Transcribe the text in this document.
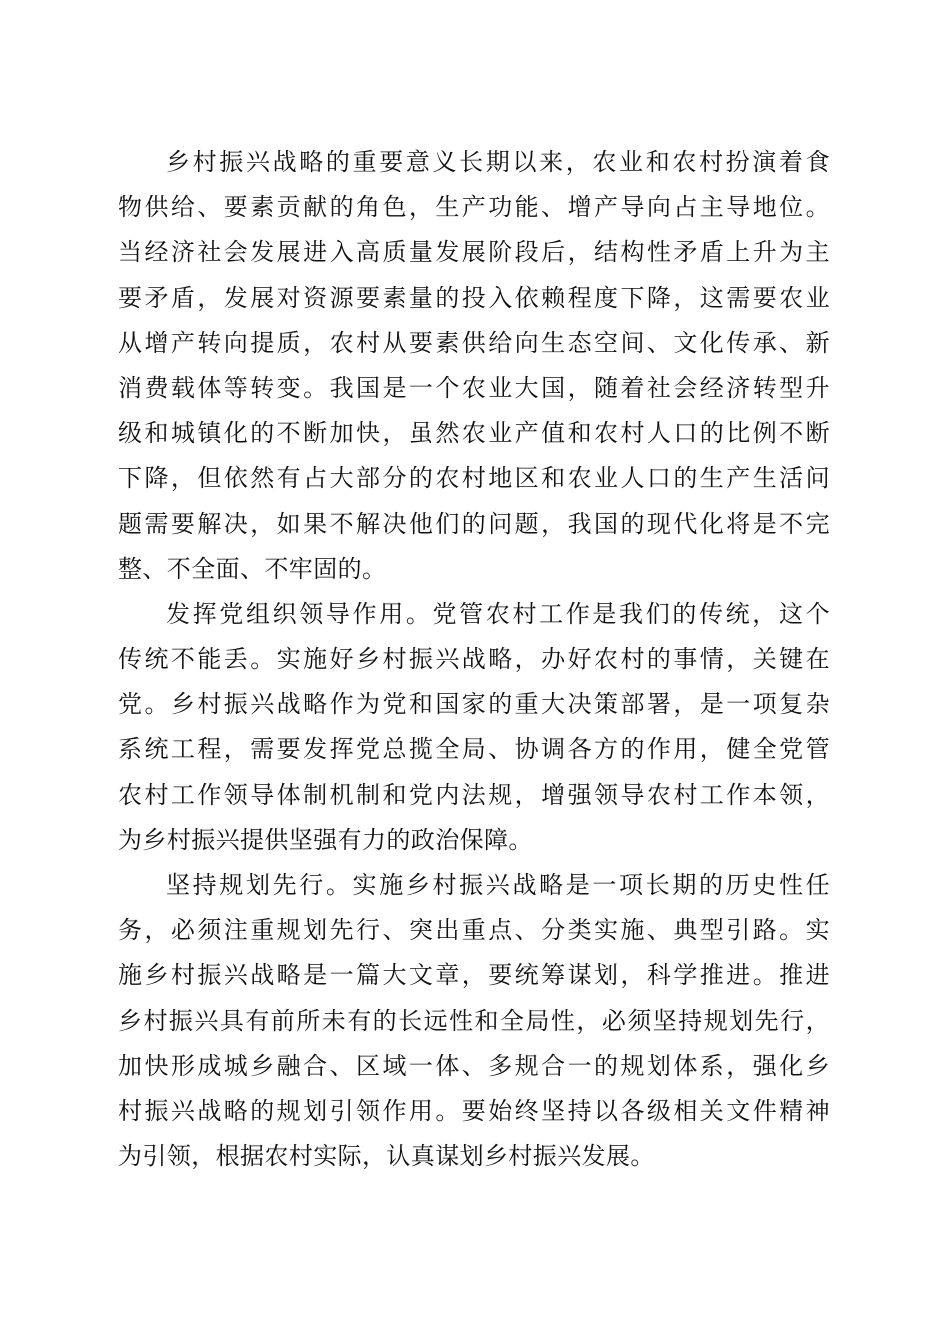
乡村振兴战略的重要意义长期以来，农业和农村扮演着食
物供给、要素贡献的角色，生产功能、增产导向占主导地位。
当经济社会发展进入高质量发展阶段后，结构性矛盾上升为主
要矛盾，发展对资源要素量的投入依赖程度下降，这需要农业
从增产转向提质，农村从要素供给向生态空间、文化传承、新
消费载体等转变。我国是一个农业大国，随着社会经济转型升
级和城镇化的不断加快，虽然农业产值和农村人口的比例不断
下降，但依然有占大部分的农村地区和农业人口的生产生活问
题需要解决，如果不解决他们的问题，我国的现代化将是不完
整、不全面、不牢固的。
发挥党组织领导作用。党管农村工作是我们的传统，这个
传统不能丢。实施好乡村振兴战略，办好农村的事情，关键在
党。乡村振兴战略作为党和国家的重大决策部署，是一项复杂
系统工程，需要发挥党总揽全局、协调各方的作用，健全党管
农村工作领导体制机制和党内法规，增强领导农村工作本领，
为乡村振兴提供坚强有力的政治保障。
坚持规划先行。实施乡村振兴战略是一项长期的历史性任
务，必须注重规划先行、突出重点、分类实施、典型引路。实
施乡村振兴战略是一篇大文章，要统筹谋划，科学推进。推进
乡村振兴具有前所未有的长远性和全局性，必须坚持规划先行，
加快形成城乡融合、区域一体、多规合一的规划体系，强化乡
村振兴战略的规划引领作用。要始终坚持以各级相关文件精神
为引领，根据农村实际，认真谋划乡村振兴发展。
